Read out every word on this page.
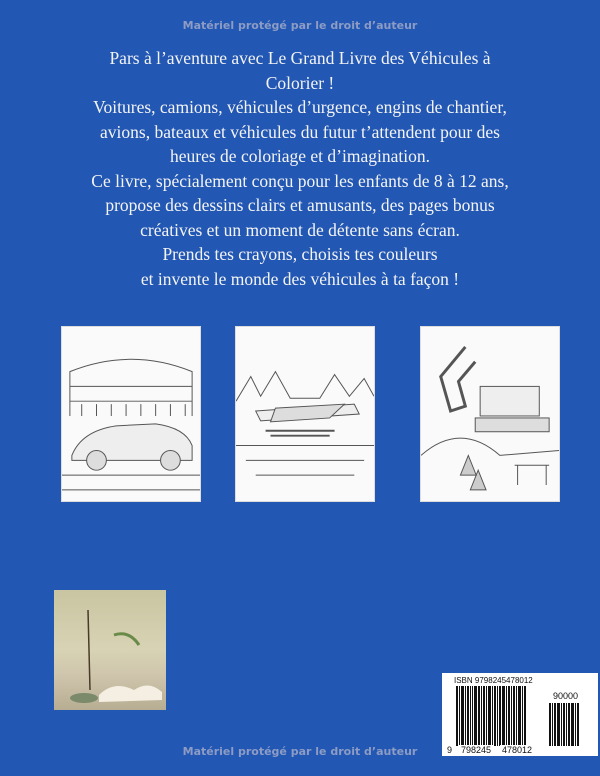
Matériel protégé par le droit d’auteur
Pars à l’aventure avec Le Grand Livre des Véhicules à
Colorier !
Voitures, camions, véhicules d’urgence, engins de chantier,
avions, bateaux et véhicules du futur t’attendent pour des
heures de coloriage et d’imagination.
Ce livre, spécialement conçu pour les enfants de 8 à 12 ans,
propose des dessins clairs et amusants, des pages bonus
créatives et un moment de détente sans écran.
Prends tes crayons, choisis tes couleurs
et invente le monde des véhicules à ta façon !
ISBN 9798245478012
90000
9 798245 478012
Matériel protégé par le droit d’auteur
